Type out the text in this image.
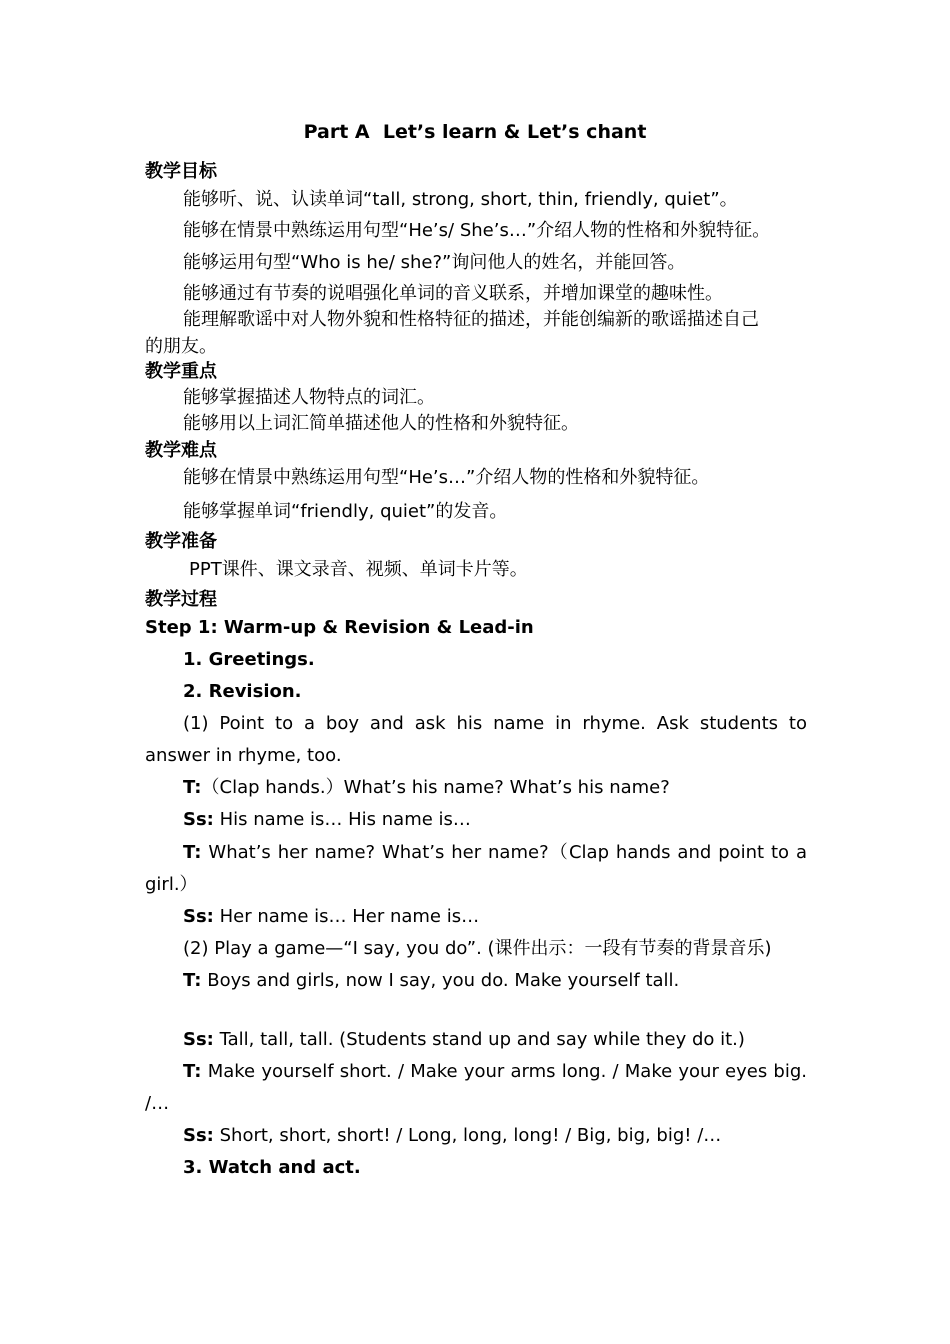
Part A  Let’s learn & Let’s chant
教学目标
能够听、说、认读单词“tall, strong, short, thin, friendly, quiet”。
能够在情景中熟练运用句型“He’s/ She’s…”介绍人物的性格和外貌特征。
能够运用句型“Who is he/ she?”询问他人的姓名，并能回答。
能够通过有节奏的说唱强化单词的音义联系，并增加课堂的趣味性。
能理解歌谣中对人物外貌和性格特征的描述，并能创编新的歌谣描述自己
的朋友。
教学重点
能够掌握描述人物特点的词汇。
能够用以上词汇简单描述他人的性格和外貌特征。
教学难点
能够在情景中熟练运用句型“He’s…”介绍人物的性格和外貌特征。
能够掌握单词“friendly, quiet”的发音。
教学准备
PPT课件、课文录音、视频、单词卡片等。
教学过程
Step 1: Warm-up & Revision & Lead-in
1. Greetings.
2. Revision.
(1) Point to a boy and ask his name in rhyme. Ask students to answer in rhyme, too.
T:（Clap hands.）What’s his name? What’s his name?
Ss: His name is… His name is…
T: What’s her name? What’s her name?（Clap hands and point to a girl.）
Ss: Her name is… Her name is…
(2) Play a game—“I say, you do”. (课件出示：一段有节奏的背景音乐)
T: Boys and girls, now I say, you do. Make yourself tall.
Ss: Tall, tall, tall. (Students stand up and say while they do it.)
T: Make yourself short. / Make your arms long. / Make your eyes big. /…
Ss: Short, short, short! / Long, long, long! / Big, big, big! /…
3. Watch and act.
